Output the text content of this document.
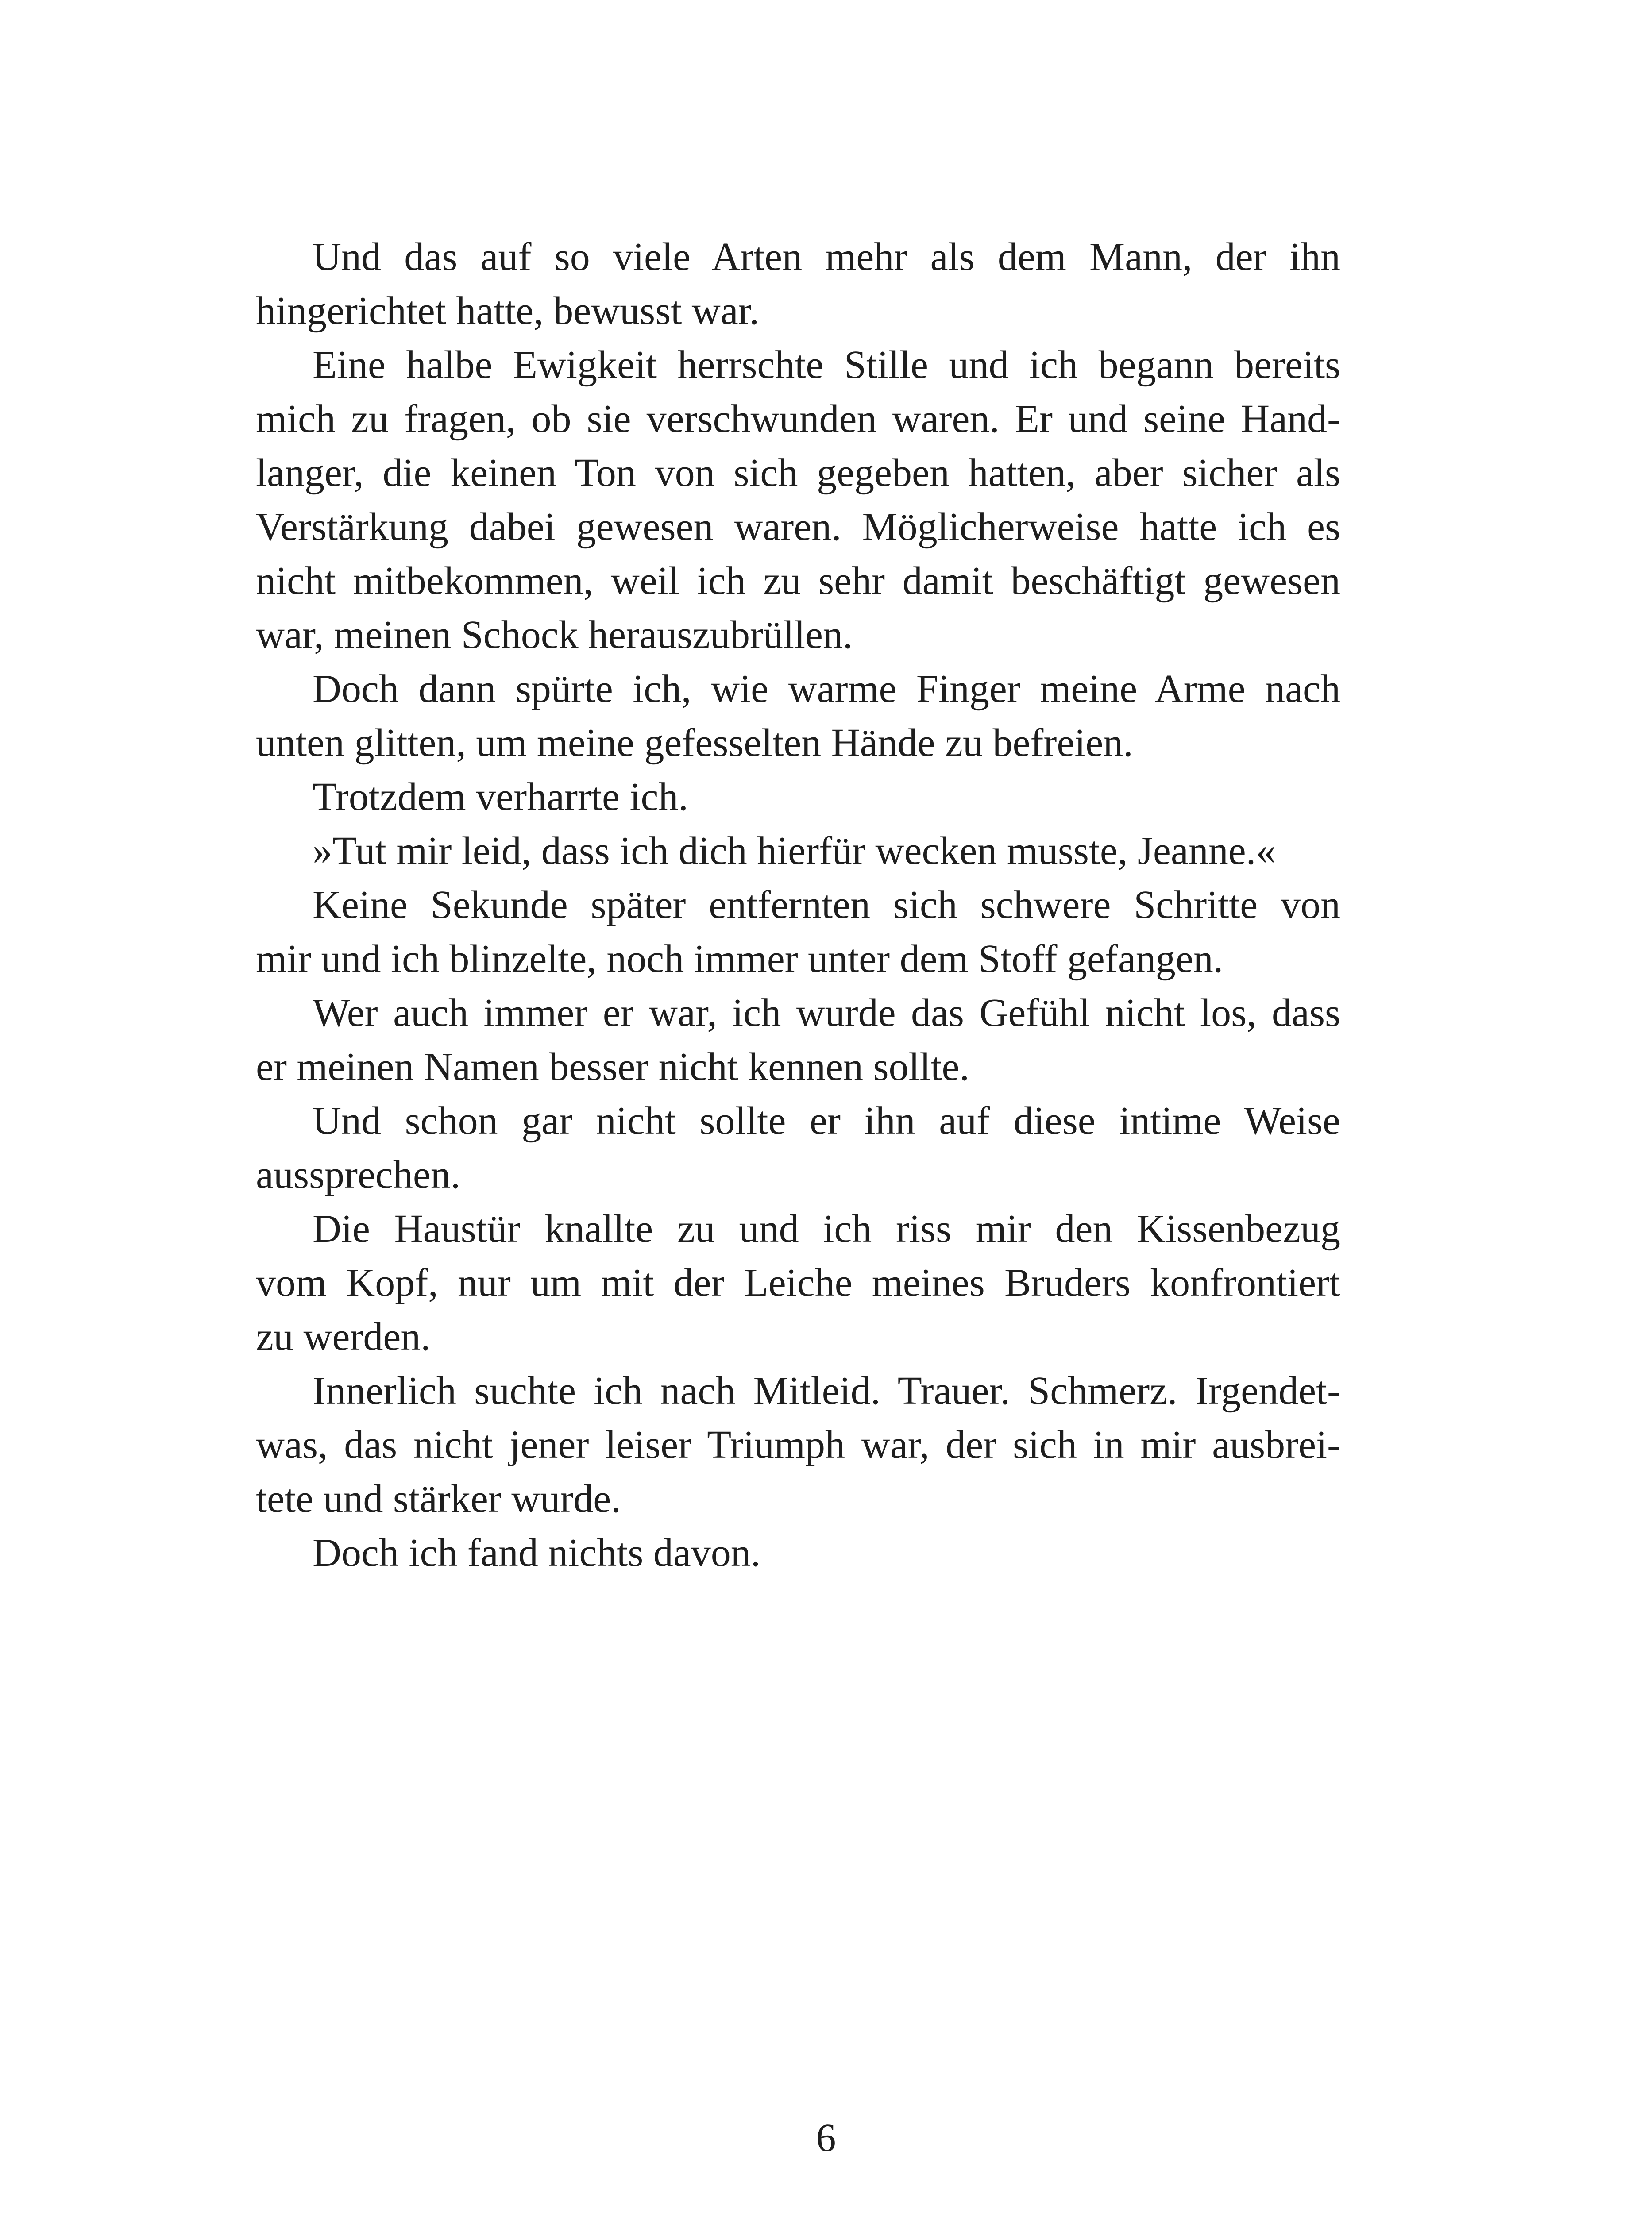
Und das auf so viele Arten mehr als dem Mann, der ihn
hingerichtet hatte, bewusst war.
Eine halbe Ewigkeit herrschte Stille und ich begann bereits
mich zu fragen, ob sie verschwunden waren. Er und seine Hand-
langer, die keinen Ton von sich gegeben hatten, aber sicher als
Verstärkung dabei gewesen waren. Möglicherweise hatte ich es
nicht mitbekommen, weil ich zu sehr damit beschäftigt gewesen
war, meinen Schock herauszubrüllen.
Doch dann spürte ich, wie warme Finger meine Arme nach
unten glitten, um meine gefesselten Hände zu befreien.
Trotzdem verharrte ich.
»Tut mir leid, dass ich dich hierfür wecken musste, Jeanne.«
Keine Sekunde später entfernten sich schwere Schritte von
mir und ich blinzelte, noch immer unter dem Stoff gefangen.
Wer auch immer er war, ich wurde das Gefühl nicht los, dass
er meinen Namen besser nicht kennen sollte.
Und schon gar nicht sollte er ihn auf diese intime Weise
aussprechen.
Die Haustür knallte zu und ich riss mir den Kissenbezug
vom Kopf, nur um mit der Leiche meines Bruders konfrontiert
zu werden.
Innerlich suchte ich nach Mitleid. Trauer. Schmerz. Irgendet-
was, das nicht jener leiser Triumph war, der sich in mir ausbrei-
tete und stärker wurde.
Doch ich fand nichts davon.
6
